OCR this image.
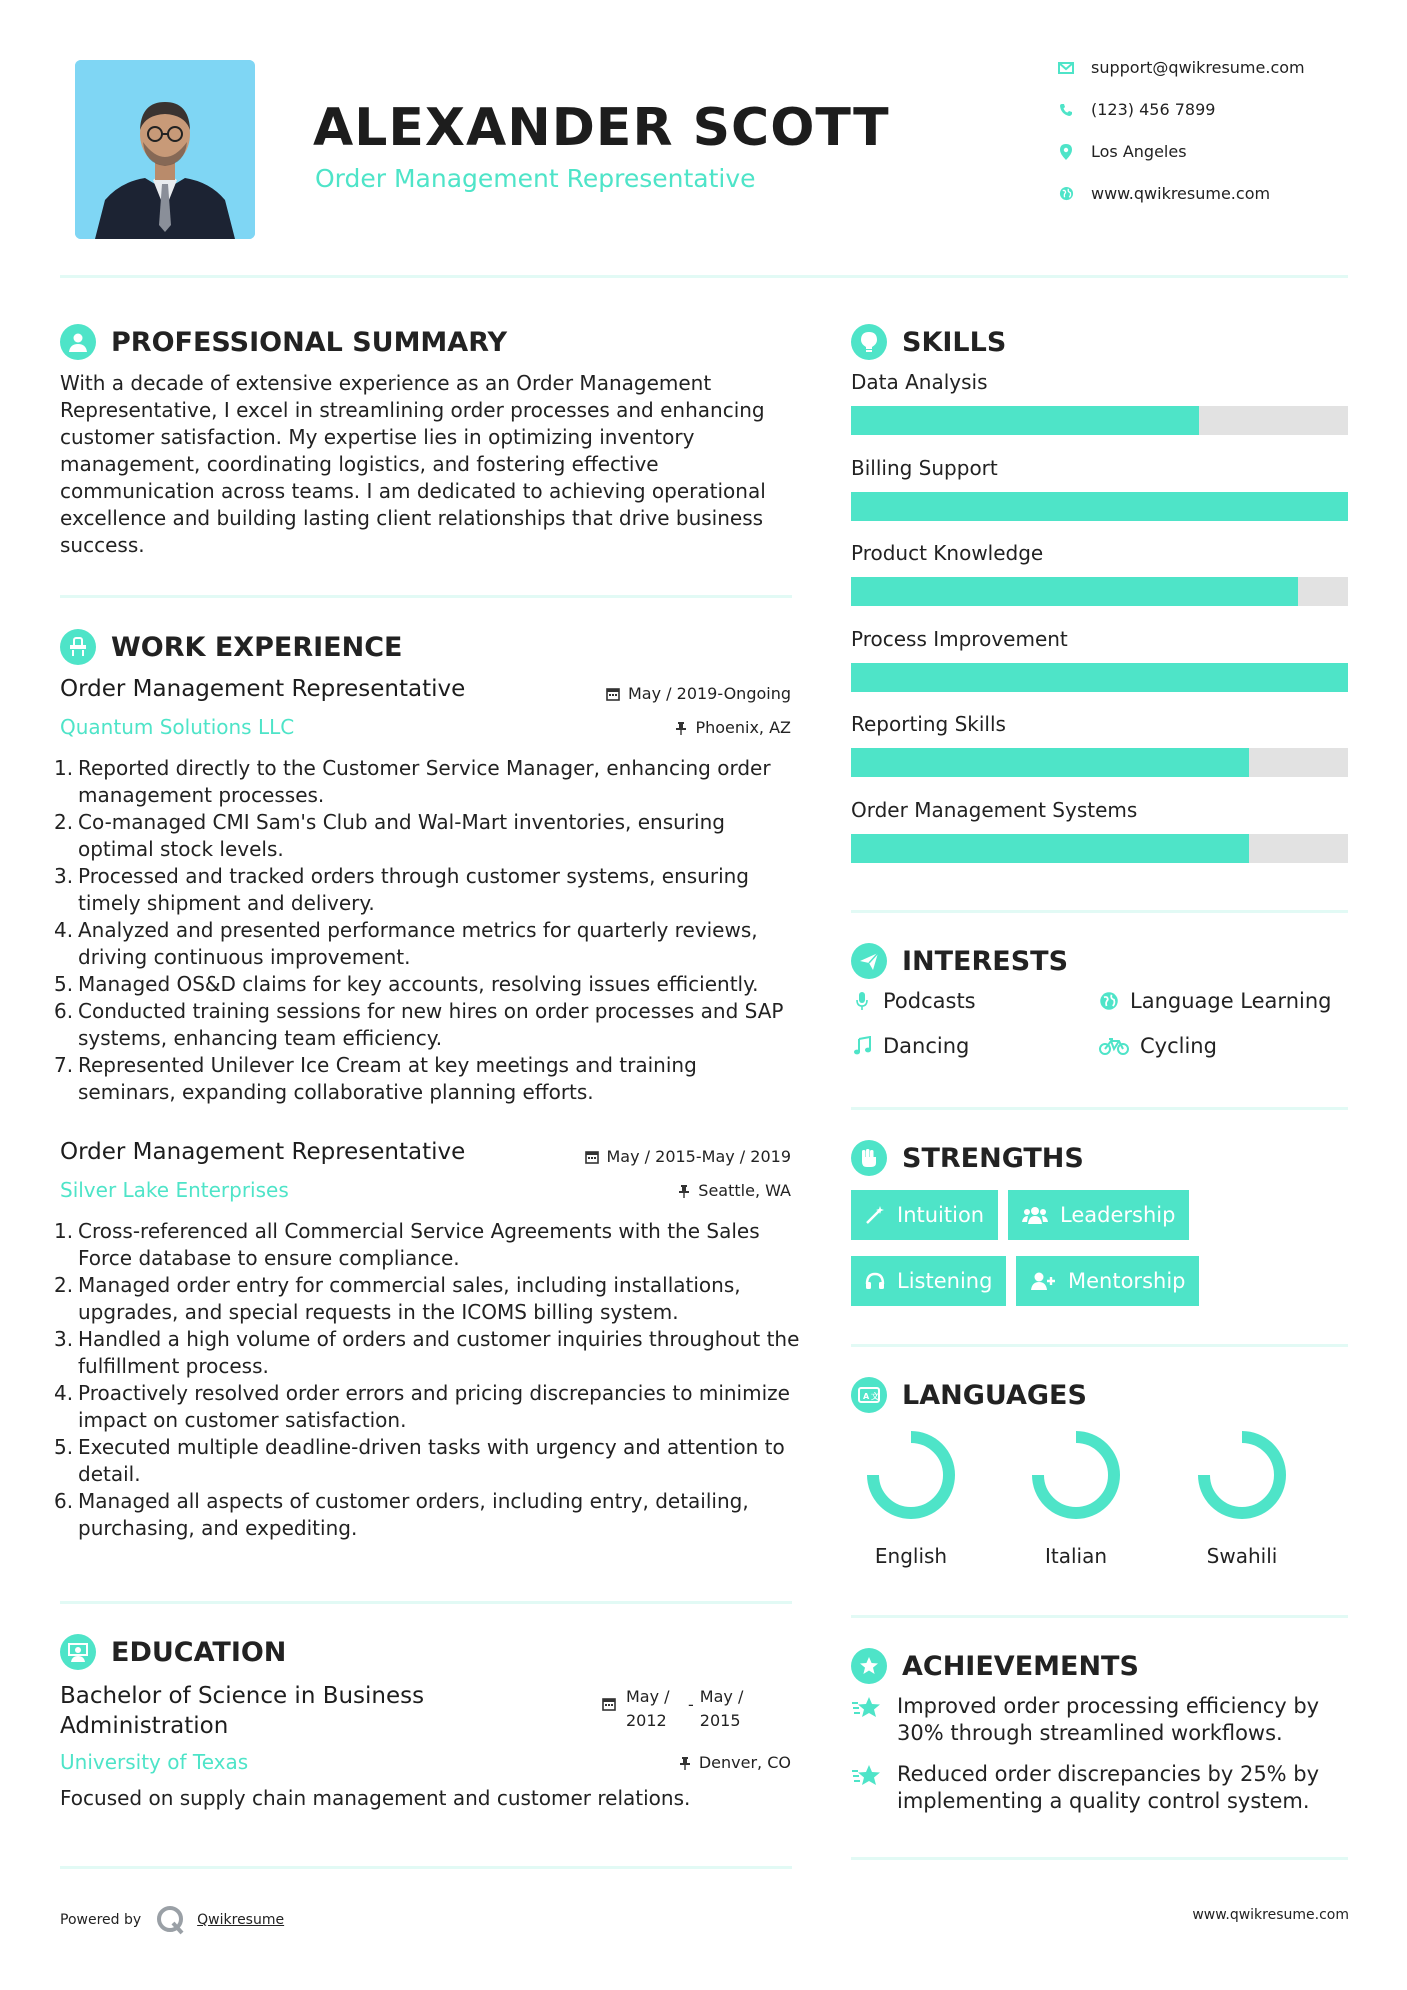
ALEXANDER SCOTT
Order Management Representative
support@qwikresume.com
(123) 456 7899
Los Angeles
www.qwikresume.com
PROFESSIONAL SUMMARY
With a decade of extensive experience as an Order Management Representative, I excel in streamlining order processes and enhancing customer satisfaction. My expertise lies in optimizing inventory management, coordinating logistics, and fostering effective communication across teams. I am dedicated to achieving operational excellence and building lasting client relationships that drive business success.
WORK EXPERIENCE
Order Management Representative	May / 2019-Ongoing
Quantum Solutions LLC	Phoenix, AZ
1. Reported directly to the Customer Service Manager, enhancing order management processes.
2. Co-managed CMI Sam's Club and Wal-Mart inventories, ensuring optimal stock levels.
3. Processed and tracked orders through customer systems, ensuring timely shipment and delivery.
4. Analyzed and presented performance metrics for quarterly reviews, driving continuous improvement.
5. Managed OS&D claims for key accounts, resolving issues efficiently.
6. Conducted training sessions for new hires on order processes and SAP systems, enhancing team efficiency.
7. Represented Unilever Ice Cream at key meetings and training seminars, expanding collaborative planning efforts.
Order Management Representative	May / 2015-May / 2019
Silver Lake Enterprises	Seattle, WA
1. Cross-referenced all Commercial Service Agreements with the Sales Force database to ensure compliance.
2. Managed order entry for commercial sales, including installations, upgrades, and special requests in the ICOMS billing system.
3. Handled a high volume of orders and customer inquiries throughout the fulfillment process.
4. Proactively resolved order errors and pricing discrepancies to minimize impact on customer satisfaction.
5. Executed multiple deadline-driven tasks with urgency and attention to detail.
6. Managed all aspects of customer orders, including entry, detailing, purchasing, and expediting.
EDUCATION
Bachelor of Science in Business Administration
May / 2012
- May / 2015
University of Texas	Denver, CO
Focused on supply chain management and customer relations.
SKILLS
Data Analysis
Billing Support
Product Knowledge
Process Improvement
Reporting Skills
Order Management Systems
INTERESTS
Podcasts	Language Learning
Dancing	Cycling
STRENGTHS
Intuition	Leadership
Listening	Mentorship
A 文 LANGUAGES
English	Italian	Swahili
ACHIEVEMENTS
Improved order processing efficiency by 30% through streamlined workflows.
Reduced order discrepancies by 25% by implementing a quality control system.
Powered by	Qwikresume	www.qwikresume.com
